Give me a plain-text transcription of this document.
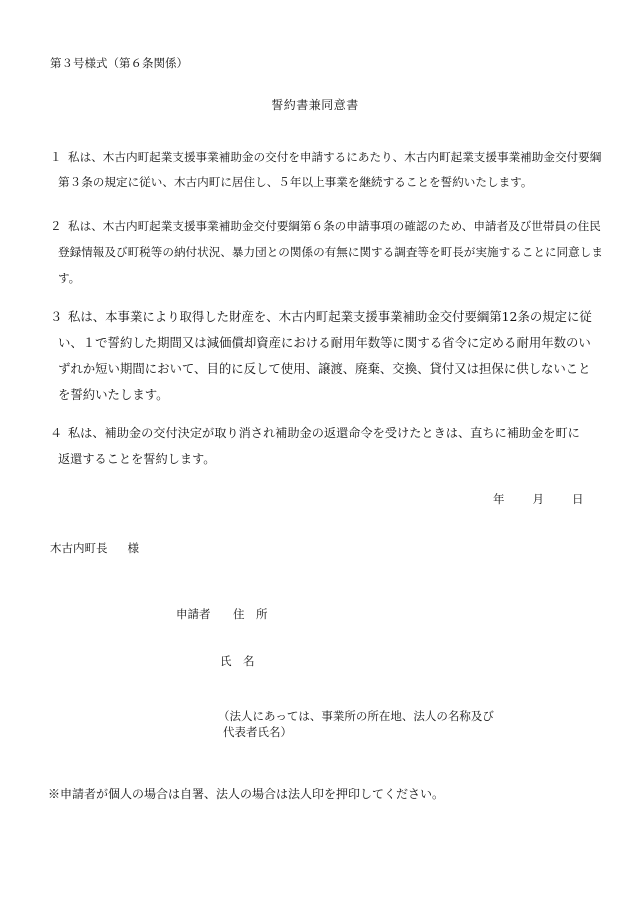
第３号様式（第６条関係）
誓約書兼同意書
１ 私は、木古内町起業支援事業補助金の交付を申請するにあたり、木古内町起業支援事業補助金交付要綱
第３条の規定に従い、木古内町に居住し、５年以上事業を継続することを誓約いたします。
２ 私は、木古内町起業支援事業補助金交付要綱第６条の申請事項の確認のため、申請者及び世帯員の住民
登録情報及び町税等の納付状況、暴力団との関係の有無に関する調査等を町長が実施することに同意しま
す。
３ 私は、本事業により取得した財産を、木古内町起業支援事業補助金交付要綱第12条の規定に従
い、１で誓約した期間又は減価償却資産における耐用年数等に関する省令に定める耐用年数のい
ずれか短い期間において、目的に反して使用、譲渡、廃棄、交換、貸付又は担保に供しないこと
を誓約いたします。
４ 私は、補助金の交付決定が取り消され補助金の返還命令を受けたときは、直ちに補助金を町に
返還することを誓約します。
年 月 日
木古内町長 様
申請者 住　所
氏　名
（法人にあっては、事業所の所在地、法人の名称及び
代表者氏名）
※申請者が個人の場合は自署、法人の場合は法人印を押印してください。
